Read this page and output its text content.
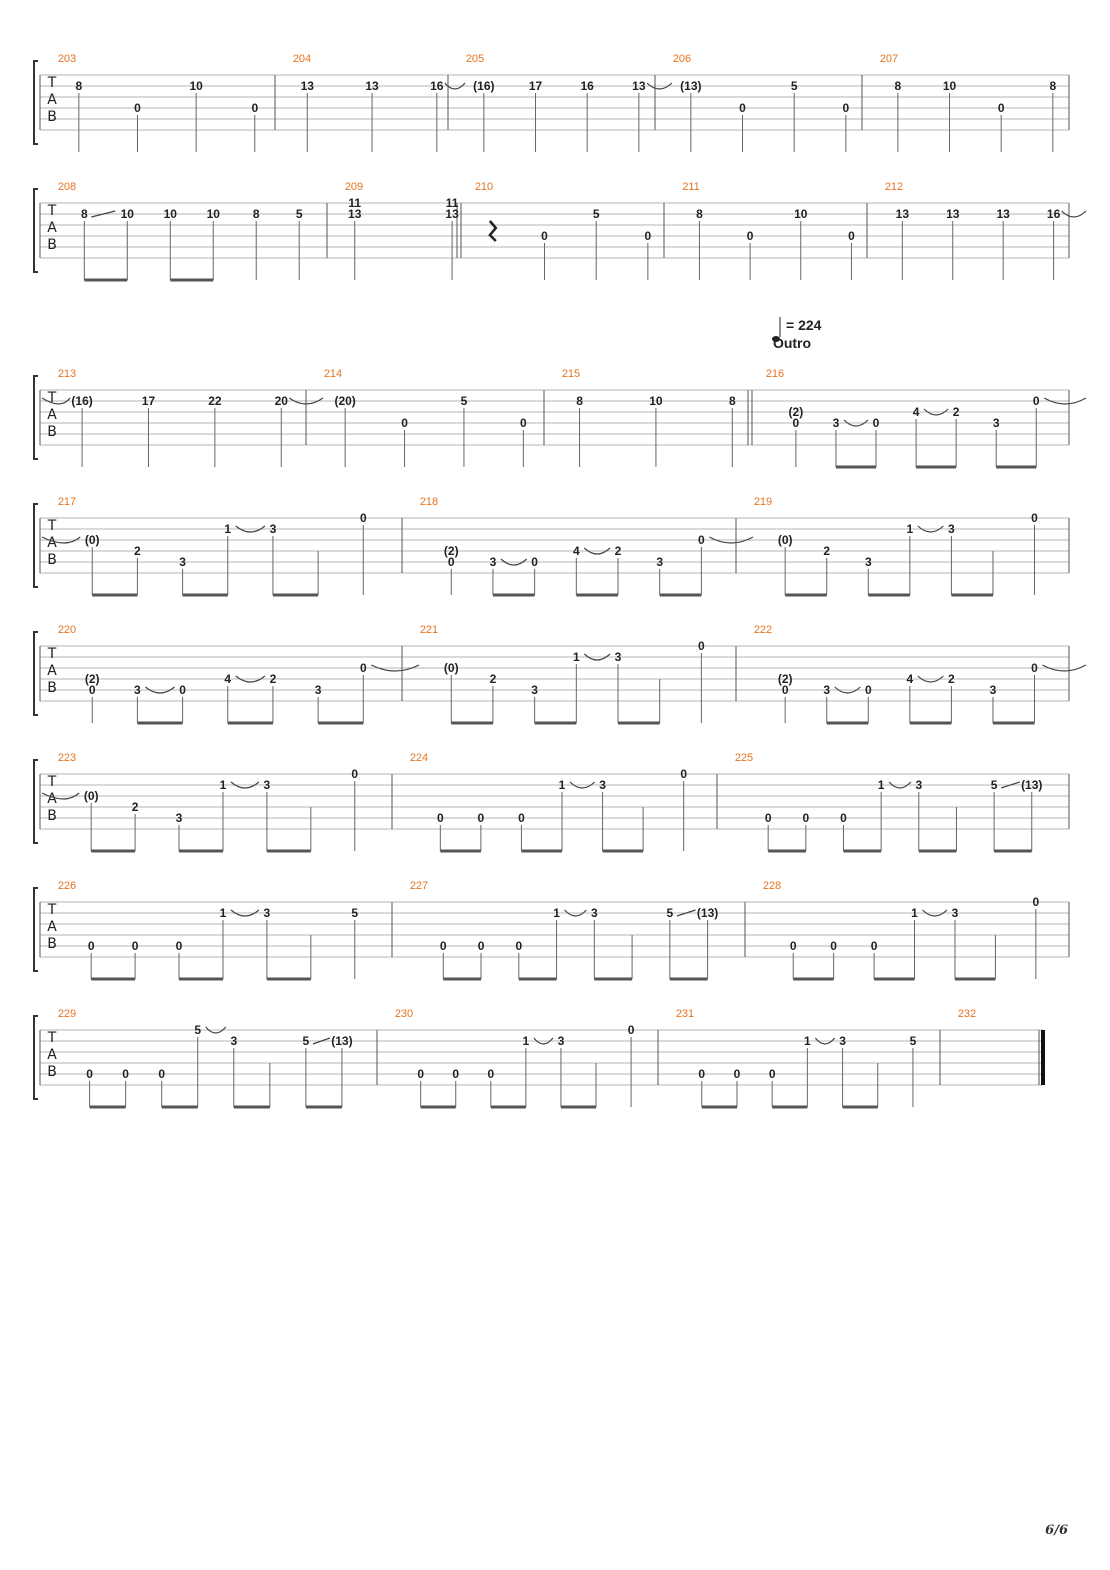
T
A
B
203
8
0
10
0
204
13	13	16
205
(16)	17	16	13
206
(13)
0
5
0
207
8	10
0
8
T
A
B
208
8	10 10 10	8	5
209
11
13
11
13
210
0
5
0
211
8
0
10
0
212
13	13	13	16
T
A
B
213
(16)	17	22	20
214
(20)
0
5
0
215
8	10	8
216
(2)
0	3	0
4	2
3
0
T
A
B
217
(0)
2
3
1	3
0
218
(2)
0	3	0
4	2
3
0
219
(0)
2
3
1	3
0
T
A
B
220
(2)
0	3	0
4	2
3
0
221
(0)
2
3
1	3
0
222
(2)
0	3	0
4	2
3
0
T
A
B
223
(0)
2
3
1	3
0
224
0	0	0
1	3
0
225
0	0	0
1	3	5 (13)
T
A
B
226
0	0	0
1	3	5
227
0	0	0
1	3	5 (13)
228
0	0	0
1	3
0
T
A
B
229
0 0 0
5
3	5 (13)
230
0 0 0
1 3
0
231
0 0 0
1 3	5
232
= 224
Outro
6/6
